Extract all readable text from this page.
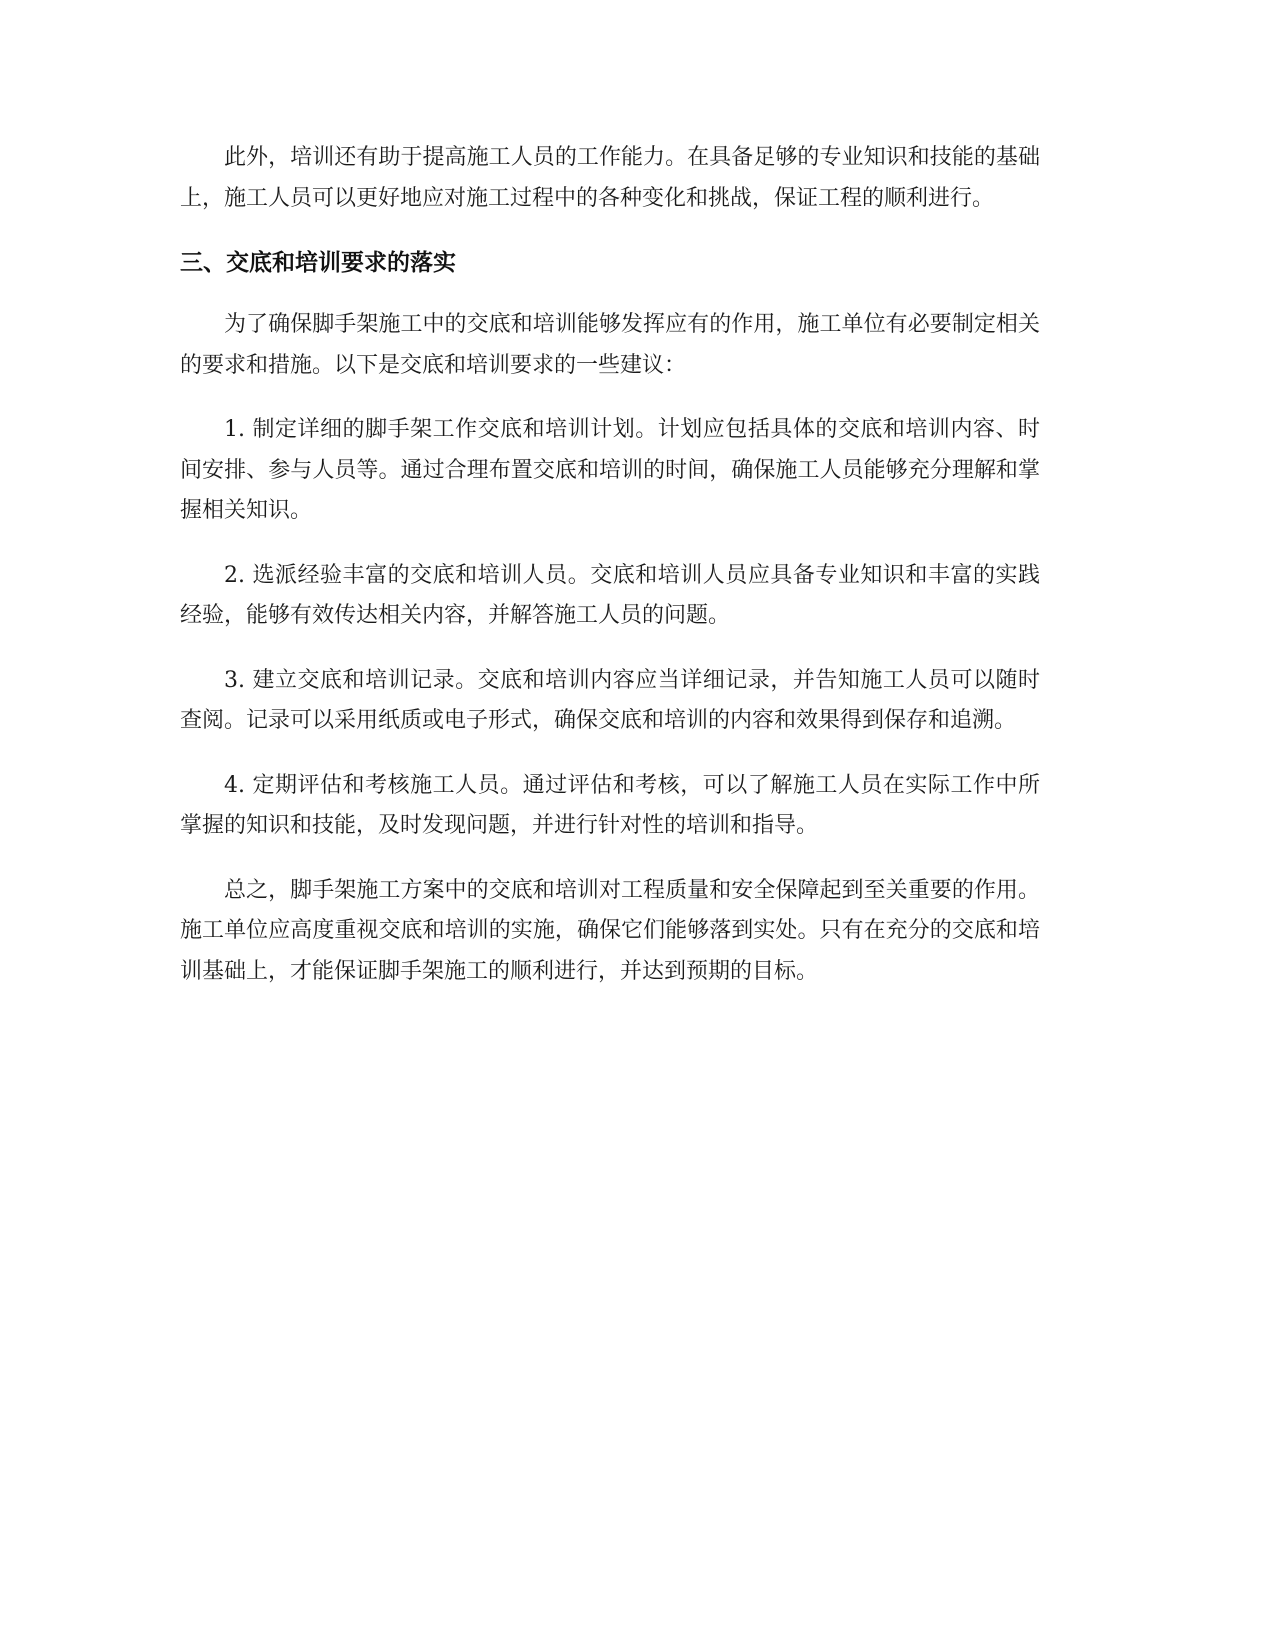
此外，培训还有助于提高施工人员的工作能力。在具备足够的专业知识和技能的基础上，施工人员可以更好地应对施工过程中的各种变化和挑战，保证工程的顺利进行。

三、交底和培训要求的落实

为了确保脚手架施工中的交底和培训能够发挥应有的作用，施工单位有必要制定相关的要求和措施。以下是交底和培训要求的一些建议：

1. 制定详细的脚手架工作交底和培训计划。计划应包括具体的交底和培训内容、时间安排、参与人员等。通过合理布置交底和培训的时间，确保施工人员能够充分理解和掌握相关知识。

2. 选派经验丰富的交底和培训人员。交底和培训人员应具备专业知识和丰富的实践经验，能够有效传达相关内容，并解答施工人员的问题。

3. 建立交底和培训记录。交底和培训内容应当详细记录，并告知施工人员可以随时查阅。记录可以采用纸质或电子形式，确保交底和培训的内容和效果得到保存和追溯。

4. 定期评估和考核施工人员。通过评估和考核，可以了解施工人员在实际工作中所掌握的知识和技能，及时发现问题，并进行针对性的培训和指导。

总之，脚手架施工方案中的交底和培训对工程质量和安全保障起到至关重要的作用。施工单位应高度重视交底和培训的实施，确保它们能够落到实处。只有在充分的交底和培训基础上，才能保证脚手架施工的顺利进行，并达到预期的目标。
